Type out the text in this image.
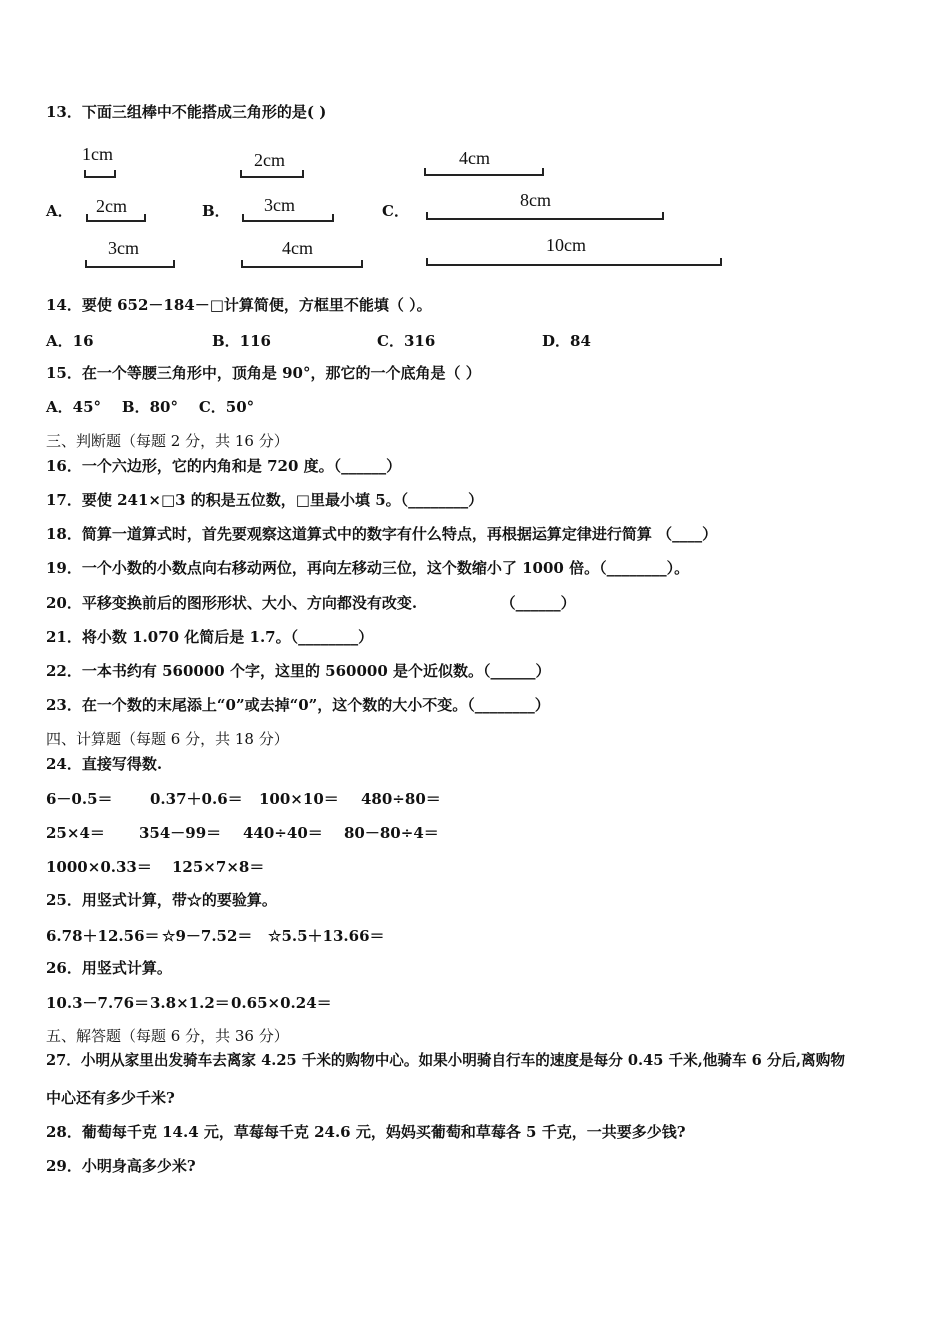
13．下面三组棒中不能搭成三角形的是( )
A．	B．	C．
1cm
2cm
3cm
2cm
3cm
4cm
4cm
8cm
10cm
14．要使 652－184－□计算简便，方框里不能填（ ）。
A．16	B．116	C．316	D．84
15．在一个等腰三角形中，顶角是 90°，那它的一个底角是（ ）
A．45°    B．80°    C．50°
三、判断题（每题 2 分，共 16 分）
16．一个六边形，它的内角和是 720 度。（______）
17．要使 241×□3 的积是五位数，□里最小填 5。（________）
18．简算一道算式时，首先要观察这道算式中的数字有什么特点，再根据运算定律进行简算 （____）
19．一个小数的小数点向右移动两位，再向左移动三位，这个数缩小了 1000 倍。（________）。
20．平移变换前后的图形形状、大小、方向都没有改变.                （______）
21．将小数 1.070 化简后是 1.7。（________）
22．一本书约有 560000 个字，这里的 560000 是个近似数。（______）
23．在一个数的末尾添上“0”或去掉“0”，这个数的大小不变。（________）
四、计算题（每题 6 分，共 18 分）
24．直接写得数.
6－0.5＝ 0.37＋0.6＝ 100×10＝ 480÷80＝
25×4＝ 354－99＝ 440÷40＝ 80－80÷4＝
1000×0.33＝ 125×7×8＝
25．用竖式计算，带☆的要验算。
6.78＋12.56＝ ☆9－7.52＝ ☆5.5＋13.66＝
26．用竖式计算。
10.3－7.76＝ 3.8×1.2＝ 0.65×0.24＝
五、解答题（每题 6 分，共 36 分）
27．小明从家里出发骑车去离家 4.25 千米的购物中心。如果小明骑自行车的速度是每分 0.45 千米,他骑车 6 分后,离购物
中心还有多少千米?
28．葡萄每千克 14.4 元，草莓每千克 24.6 元，妈妈买葡萄和草莓各 5 千克，一共要多少钱?
29．小明身高多少米?
